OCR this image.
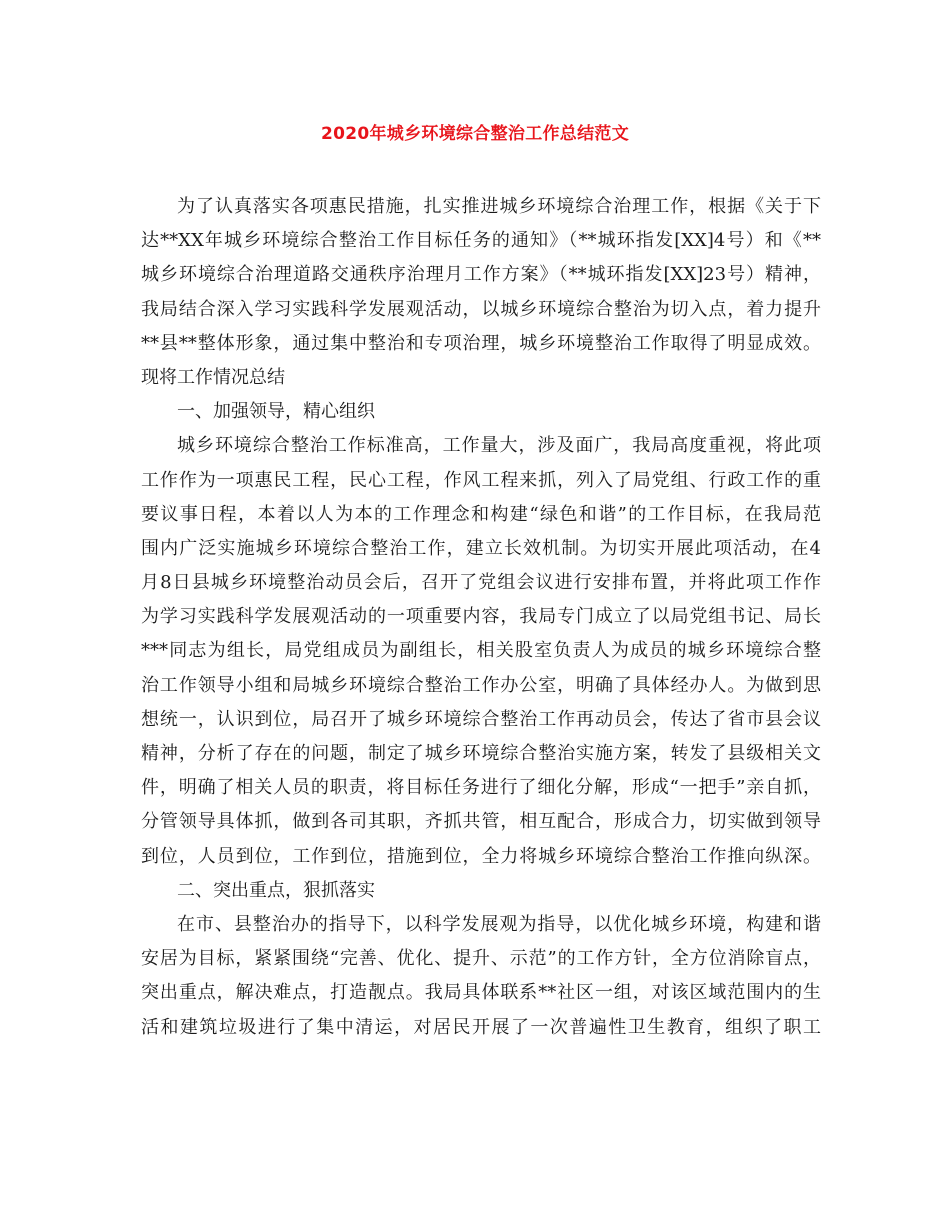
2020年城乡环境综合整治工作总结范文
为了认真落实各项惠民措施，扎实推进城乡环境综合治理工作，根据《关于下
达**XX年城乡环境综合整治工作目标任务的通知》（**城环指发[XX]4号）和《**
城乡环境综合治理道路交通秩序治理月工作方案》（**城环指发[XX]23号）精神，
我局结合深入学习实践科学发展观活动，以城乡环境综合整治为切入点，着力提升
**县**整体形象，通过集中整治和专项治理，城乡环境整治工作取得了明显成效。
现将工作情况总结
一、加强领导，精心组织
城乡环境综合整治工作标准高，工作量大，涉及面广，我局高度重视，将此项
工作作为一项惠民工程，民心工程，作风工程来抓，列入了局党组、行政工作的重
要议事日程，本着以人为本的工作理念和构建“绿色和谐”的工作目标，在我局范
围内广泛实施城乡环境综合整治工作，建立长效机制。为切实开展此项活动，在4
月8日县城乡环境整治动员会后，召开了党组会议进行安排布置，并将此项工作作
为学习实践科学发展观活动的一项重要内容，我局专门成立了以局党组书记、局长
***同志为组长，局党组成员为副组长，相关股室负责人为成员的城乡环境综合整
治工作领导小组和局城乡环境综合整治工作办公室，明确了具体经办人。为做到思
想统一，认识到位，局召开了城乡环境综合整治工作再动员会，传达了省市县会议
精神，分析了存在的问题，制定了城乡环境综合整治实施方案，转发了县级相关文
件，明确了相关人员的职责，将目标任务进行了细化分解，形成“一把手”亲自抓，
分管领导具体抓，做到各司其职，齐抓共管，相互配合，形成合力，切实做到领导
到位，人员到位，工作到位，措施到位，全力将城乡环境综合整治工作推向纵深。
二、突出重点，狠抓落实
在市、县整治办的指导下，以科学发展观为指导，以优化城乡环境，构建和谐
安居为目标，紧紧围绕“完善、优化、提升、示范”的工作方针，全方位消除盲点，
突出重点，解决难点，打造靓点。我局具体联系**社区一组，对该区域范围内的生
活和建筑垃圾进行了集中清运，对居民开展了一次普遍性卫生教育，组织了职工
